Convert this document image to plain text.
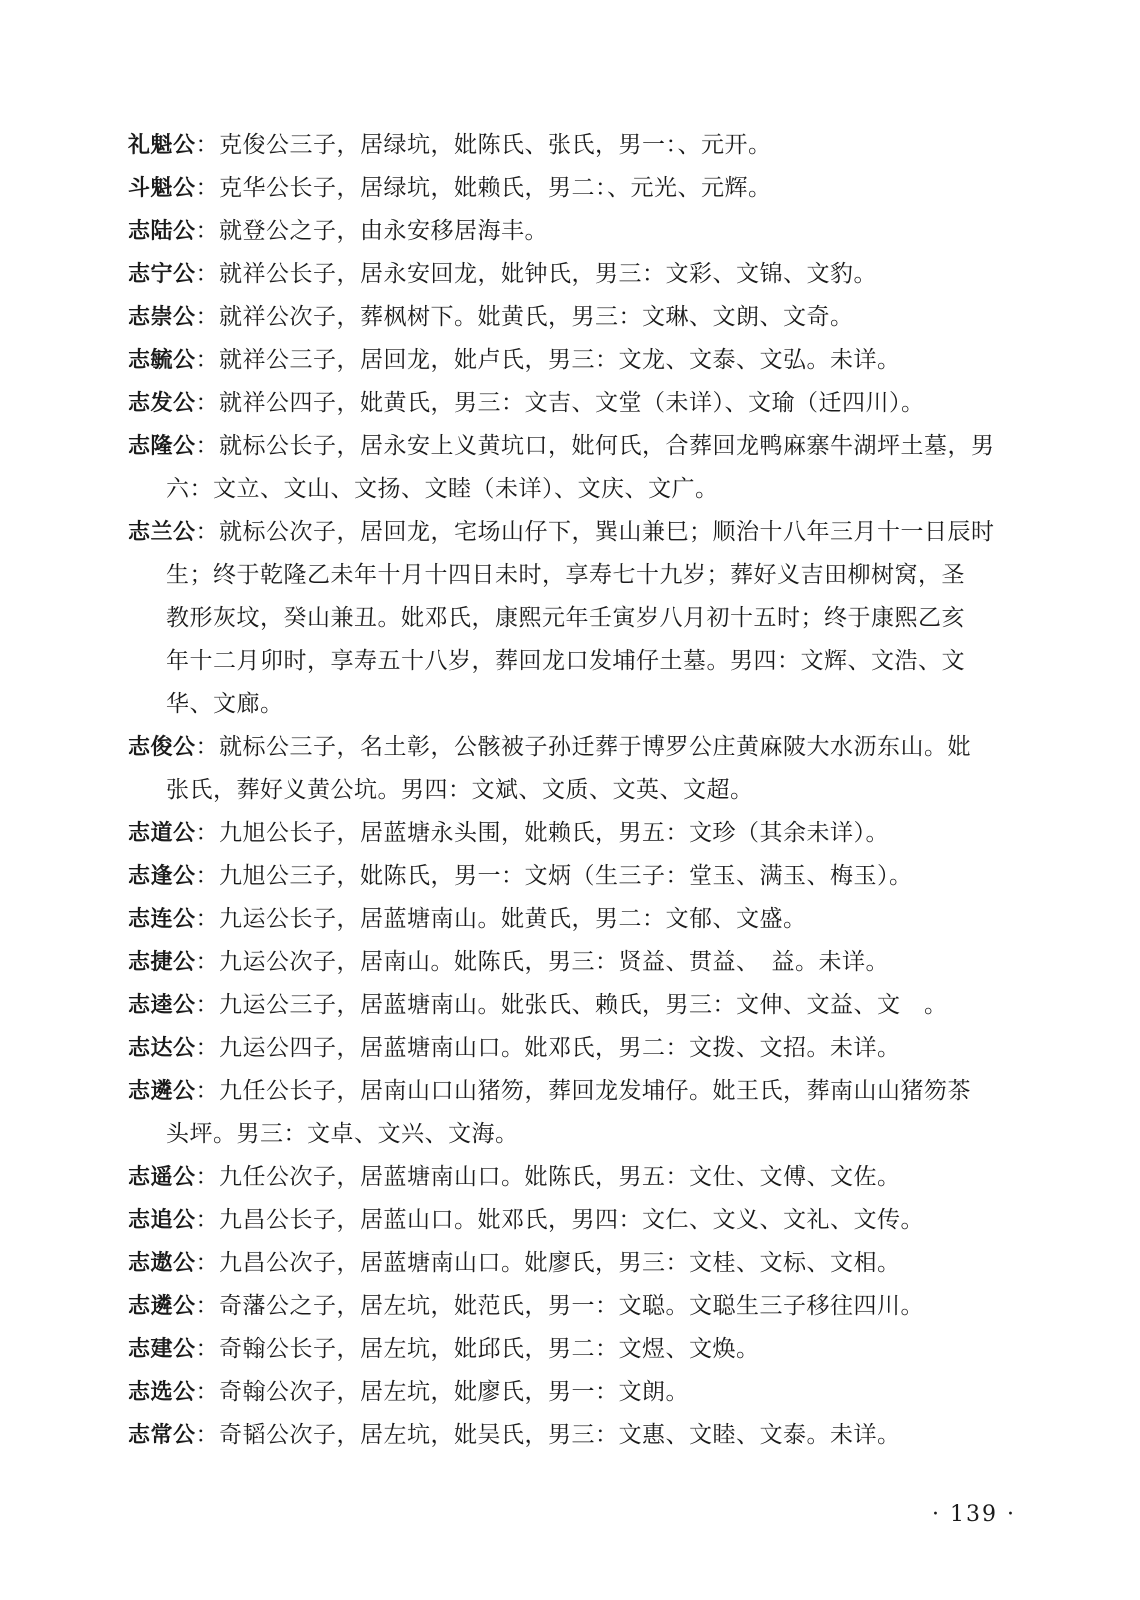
礼魁公：克俊公三子，居绿坑，妣陈氏、张氏，男一：、元开。
斗魁公：克华公长子，居绿坑，妣赖氏，男二：、元光、元辉。
志陆公：就登公之子，由永安移居海丰。
志宁公：就祥公长子，居永安回龙，妣钟氏，男三：文彩、文锦、文豹。
志崇公：就祥公次子，葬枫树下。妣黄氏，男三：文琳、文朗、文奇。
志毓公：就祥公三子，居回龙，妣卢氏，男三：文龙、文泰、文弘。未详。
志发公：就祥公四子，妣黄氏，男三：文吉、文堂（未详）、文瑜（迁四川）。
志隆公：就标公长子，居永安上义黄坑口，妣何氏，合葬回龙鸭麻寨牛湖坪土墓，男
六：文立、文山、文扬、文睦（未详）、文庆、文广。
志兰公：就标公次子，居回龙，宅场山仔下，巽山兼巳；顺治十八年三月十一日辰时
生；终于乾隆乙未年十月十四日未时，享寿七十九岁；葬好义吉田柳树窝，圣
教形灰坟，癸山兼丑。妣邓氏，康熙元年壬寅岁八月初十五时；终于康熙乙亥
年十二月卯时，享寿五十八岁，葬回龙口发埔仔土墓。男四：文辉、文浩、文
华、文廊。
志俊公：就标公三子，名土彰，公骸被子孙迁葬于博罗公庄黄麻陂大水沥东山。妣
张氏，葬好义黄公坑。男四：文斌、文质、文英、文超。
志道公：九旭公长子，居蓝塘永头围，妣赖氏，男五：文珍（其余未详）。
志逢公：九旭公三子，妣陈氏，男一：文炳（生三子：堂玉、满玉、梅玉）。
志连公：九运公长子，居蓝塘南山。妣黄氏，男二：文郁、文盛。
志捷公：九运公次子，居南山。妣陈氏，男三：贤益、贯益、　益。未详。
志逵公：九运公三子，居蓝塘南山。妣张氏、赖氏，男三：文伸、文益、文　。
志达公：九运公四子，居蓝塘南山口。妣邓氏，男二：文拨、文招。未详。
志遴公：九任公长子，居南山口山猪笏，葬回龙发埔仔。妣王氏，葬南山山猪笏茶
头坪。男三：文卓、文兴、文海。
志遥公：九任公次子，居蓝塘南山口。妣陈氏，男五：文仕、文傅、文佐。
志追公：九昌公长子，居蓝山口。妣邓氏，男四：文仁、文义、文礼、文传。
志遨公：九昌公次子，居蓝塘南山口。妣廖氏，男三：文桂、文标、文相。
志遴公：奇藩公之子，居左坑，妣范氏，男一：文聪。文聪生三子移往四川。
志建公：奇翰公长子，居左坑，妣邱氏，男二：文煜、文焕。
志选公：奇翰公次子，居左坑，妣廖氏，男一：文朗。
志常公：奇韬公次子，居左坑，妣吴氏，男三：文惠、文睦、文泰。未详。
· 139 ·
